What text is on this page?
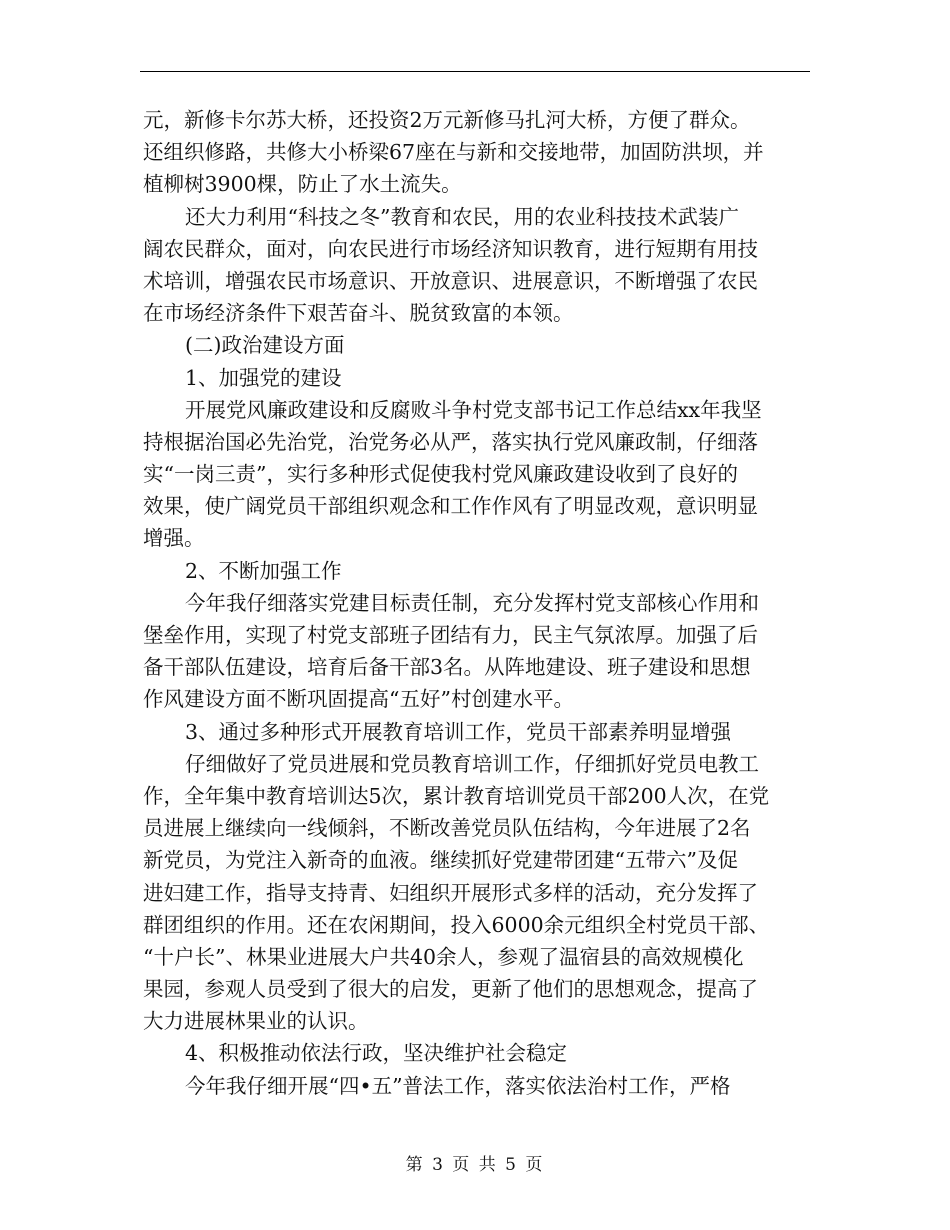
元，新修卡尔苏大桥，还投资2万元新修马扎河大桥，方便了群众。
还组织修路，共修大小桥梁67座在与新和交接地带，加固防洪坝，并
植柳树3900棵，防止了水土流失。
还大力利用“科技之冬”教育和农民，用的农业科技技术武装广
阔农民群众，面对，向农民进行市场经济知识教育，进行短期有用技
术培训，增强农民市场意识、开放意识、进展意识，不断增强了农民
在市场经济条件下艰苦奋斗、脱贫致富的本领。
(二)政治建设方面
1、加强党的建设
开展党风廉政建设和反腐败斗争村党支部书记工作总结xx年我坚
持根据治国必先治党，治党务必从严，落实执行党风廉政制，仔细落
实“一岗三责”，实行多种形式促使我村党风廉政建设收到了良好的
效果，使广阔党员干部组织观念和工作作风有了明显改观，意识明显
增强。
2、不断加强工作
今年我仔细落实党建目标责任制，充分发挥村党支部核心作用和
堡垒作用，实现了村党支部班子团结有力，民主气氛浓厚。加强了后
备干部队伍建设，培育后备干部3名。从阵地建设、班子建设和思想
作风建设方面不断巩固提高“五好”村创建水平。
3、通过多种形式开展教育培训工作，党员干部素养明显增强
仔细做好了党员进展和党员教育培训工作，仔细抓好党员电教工
作，全年集中教育培训达5次，累计教育培训党员干部200人次，在党
员进展上继续向一线倾斜，不断改善党员队伍结构，今年进展了2名
新党员，为党注入新奇的血液。继续抓好党建带团建“五带六”及促
进妇建工作，指导支持青、妇组织开展形式多样的活动，充分发挥了
群团组织的作用。还在农闲期间，投入6000余元组织全村党员干部、
“十户长”、林果业进展大户共40余人，参观了温宿县的高效规模化
果园，参观人员受到了很大的启发，更新了他们的思想观念，提高了
大力进展林果业的认识。
4、积极推动依法行政，坚决维护社会稳定
今年我仔细开展“四•五”普法工作，落实依法治村工作，严格
第 3 页 共 5 页
